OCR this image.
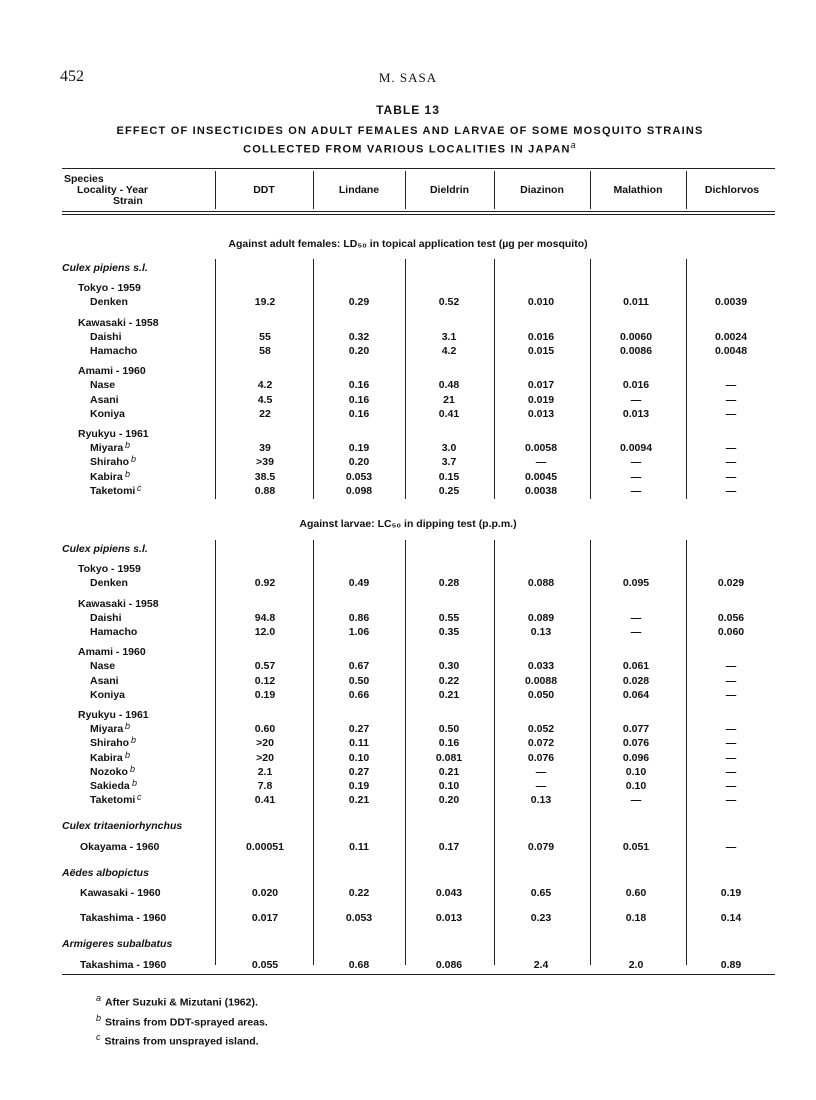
452	M. SASA
TABLE 13
EFFECT OF INSECTICIDES ON ADULT FEMALES AND LARVAE OF SOME MOSQUITO STRAINS COLLECTED FROM VARIOUS LOCALITIES IN JAPAN$^a$
Species
Locality - Year
Strain
DDT	Lindane	Dieldrin	Diazinon	Malathion	Dichlorvos
Against adult females: LD₅₀ in topical application test (µg per mosquito)
Culex pipiens s.l.
Tokyo - 1959
Denken	19.2	0.29	0.52	0.010	0.011	0.0039
Kawasaki - 1958
Daishi	55	0.32	3.1	0.016	0.0060	0.0024
Hamacho	58	0.20	4.2	0.015	0.0086	0.0048
Amami - 1960
Nase	4.2	0.16	0.48	0.017	0.016	—
Asani	4.5	0.16	21	0.019	—	—
Koniya	22	0.16	0.41	0.013	0.013	—
Ryukyu - 1961
Miyara b	39	0.19	3.0	0.0058	0.0094	—
Shiraho b	>39	0.20	3.7	—	—	—
Kabira b	38.5	0.053	0.15	0.0045	—	—
Taketomi c	0.88	0.098	0.25	0.0038	—	—
Against larvae: LC₅₀ in dipping test (p.p.m.)
Culex pipiens s.l.
Tokyo - 1959
Denken	0.92	0.49	0.28	0.088	0.095	0.029
Kawasaki - 1958
Daishi	94.8	0.86	0.55	0.089	—	0.056
Hamacho	12.0	1.06	0.35	0.13	—	0.060
Amami - 1960
Nase	0.57	0.67	0.30	0.033	0.061	—
Asani	0.12	0.50	0.22	0.0088	0.028	—
Koniya	0.19	0.66	0.21	0.050	0.064	—
Ryukyu - 1961
Miyara b	0.60	0.27	0.50	0.052	0.077	—
Shiraho b	>20	0.11	0.16	0.072	0.076	—
Kabira b	>20	0.10	0.081	0.076	0.096	—
Nozoko b	2.1	0.27	0.21	—	0.10	—
Sakieda b	7.8	0.19	0.10	—	0.10	—
Taketomi c	0.41	0.21	0.20	0.13	—	—
Culex tritaeniorhynchus
Okayama - 1960	0.00051	0.11	0.17	0.079	0.051	—
Aëdes albopictus
Kawasaki - 1960	0.020	0.22	0.043	0.65	0.60	0.19
Takashima - 1960	0.017	0.053	0.013	0.23	0.18	0.14
Armigeres subalbatus
Takashima - 1960	0.055	0.68	0.086	2.4	2.0	0.89
a After Suzuki & Mizutani (1962).
b Strains from DDT-sprayed areas.
c Strains from unsprayed island.
